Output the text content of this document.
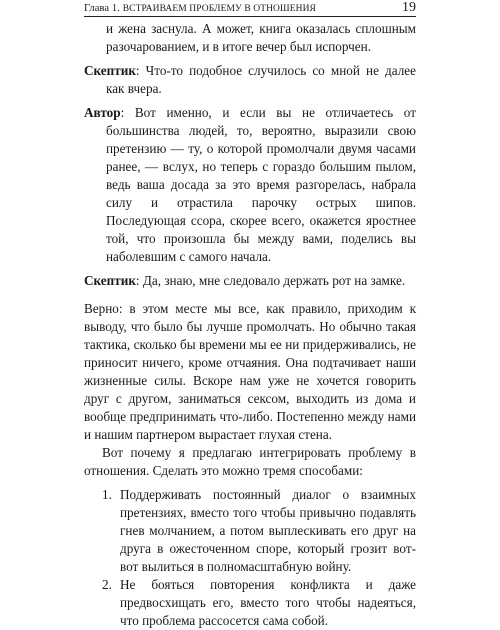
Глава 1. ВСТРАИВАЕМ ПРОБЛЕМУ В ОТНОШЕНИЯ	19

и жена заснула. А может, книга оказалась сплошным разочарованием, и в итоге вечер был испорчен.

Скептик: Что-то подобное случилось со мной не далее как вчера.

Автор: Вот именно, и если вы не отличаетесь от большинства людей, то, вероятно, выразили свою претензию — ту, о которой промолчали двумя часами ранее, — вслух, но теперь с гораздо большим пылом, ведь ваша досада за это время разгорелась, набрала силу и отрастила парочку острых шипов. Последующая ссора, скорее всего, окажется яростнее той, что произошла бы между вами, поделись вы наболевшим с самого начала.

Скептик: Да, знаю, мне следовало держать рот на замке.

Верно: в этом месте мы все, как правило, приходим к выводу, что было бы лучше промолчать. Но обычно такая тактика, сколько бы времени мы ее ни придерживались, не приносит ничего, кроме отчаяния. Она подтачивает наши жизненные силы. Вскоре нам уже не хочется говорить друг с другом, заниматься сексом, выходить из дома и вообще предпринимать что-либо. Постепенно между нами и нашим партнером вырастает глухая стена.

Вот почему я предлагаю интегрировать проблему в отношения. Сделать это можно тремя способами:

1. Поддерживать постоянный диалог о взаимных претензиях, вместо того чтобы привычно подавлять гнев молчанием, а потом выплескивать его друг на друга в ожесточенном споре, который грозит вот-вот вылиться в полномасштабную войну.
2. Не бояться повторения конфликта и даже предвосхищать его, вместо того чтобы надеяться, что проблема рассосется сама собой.
